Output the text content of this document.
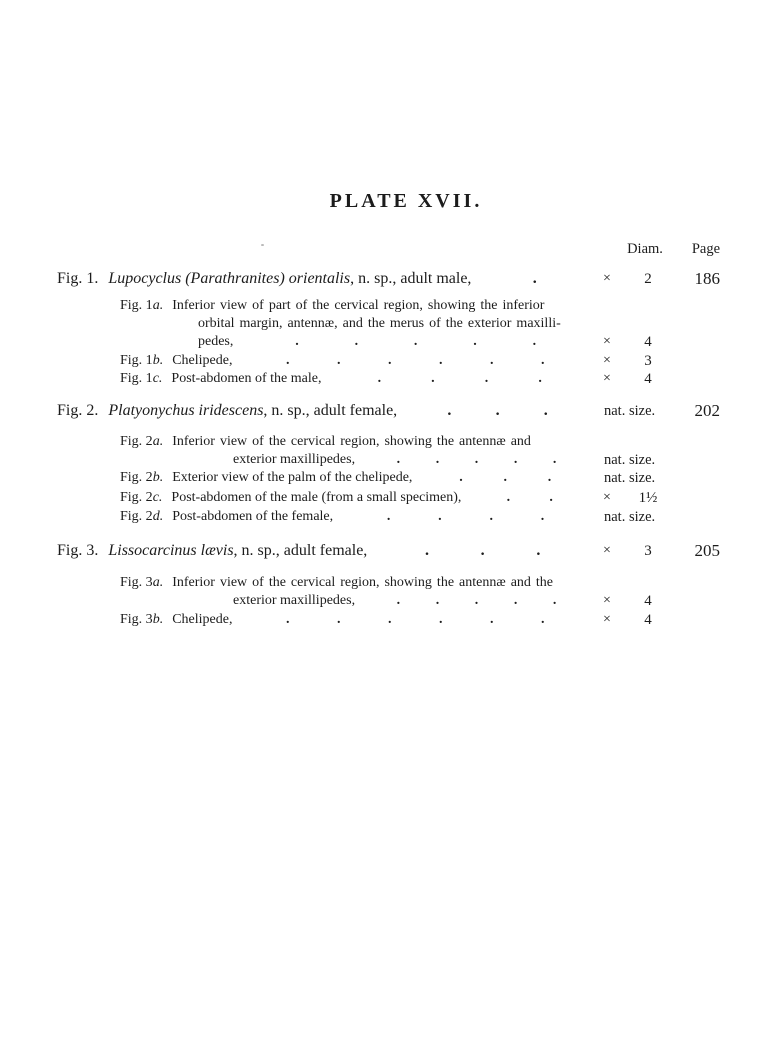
PLATE XVII.
Diam.	Page
Fig. 1. Lupocyclus (Parathranites) orientalis, n. sp., adult male,	.	×	2	186
Fig. 1a. Inferior view of part of the cervical region, showing the inferior
orbital margin, antennæ, and the merus of the exterior maxilli-
pedes,	.	.	.	.	.	×	4
Fig. 1b. Chelipede,	.	.	.	.	.	.	×	3
Fig. 1c. Post-abdomen of the male,	.	.	.	.	×	4
Fig. 2. Platyonychus iridescens, n. sp., adult female,	.	.	.	nat. size.	202
Fig. 2a. Inferior view of the cervical region, showing the antennæ and
exterior maxillipedes,	.	.	.	.	.	nat. size.
Fig. 2b. Exterior view of the palm of the chelipede,	.	.	.	nat. size.
Fig. 2c. Post-abdomen of the male (from a small specimen),	.	.	×	1½
Fig. 2d. Post-abdomen of the female,	.	.	.	.	nat. size.
Fig. 3. Lissocarcinus lævis, n. sp., adult female,	.	.	.	×	3	205
Fig. 3a. Inferior view of the cervical region, showing the antennæ and the
exterior maxillipedes,	.	.	.	.	.	×	4
Fig. 3b. Chelipede,	.	.	.	.	.	.	×	4
